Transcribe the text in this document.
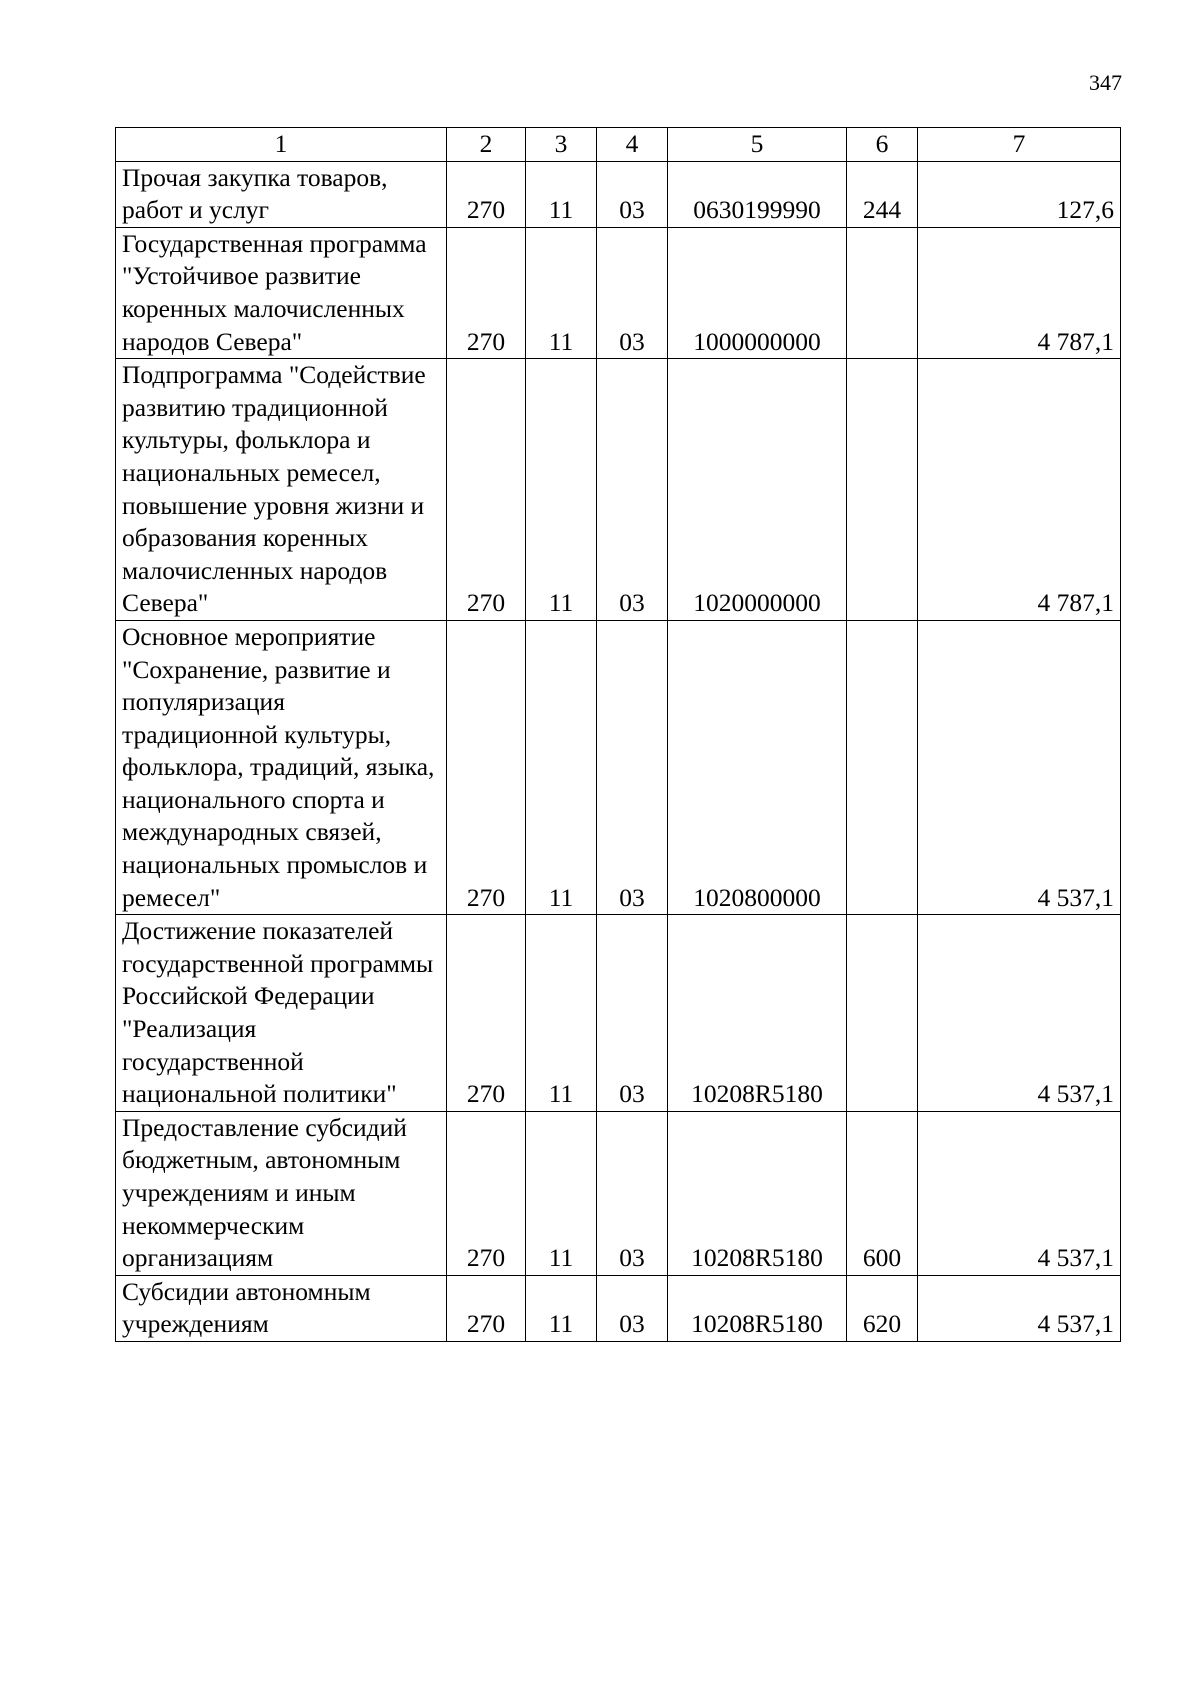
347
1	2	3	4	5	6	7
Прочая закупка товаров, работ и услуг	270	11	03	0630199990	244	127,6
Государственная программа "Устойчивое развитие коренных малочисленных народов Севера"	270	11	03	1000000000		4 787,1
Подпрограмма "Содействие развитию традиционной культуры, фольклора и национальных ремесел, повышение уровня жизни и образования коренных малочисленных народов Севера"	270	11	03	1020000000		4 787,1
Основное мероприятие "Сохранение, развитие и популяризация традиционной культуры, фольклора, традиций, языка, национального спорта и международных связей, национальных промыслов и ремесел"	270	11	03	1020800000		4 537,1
Достижение показателей государственной программы Российской Федерации "Реализация государственной национальной политики"	270	11	03	10208R5180		4 537,1
Предоставление субсидий бюджетным, автономным учреждениям и иным некоммерческим организациям	270	11	03	10208R5180	600	4 537,1
Субсидии автономным учреждениям	270	11	03	10208R5180	620	4 537,1
